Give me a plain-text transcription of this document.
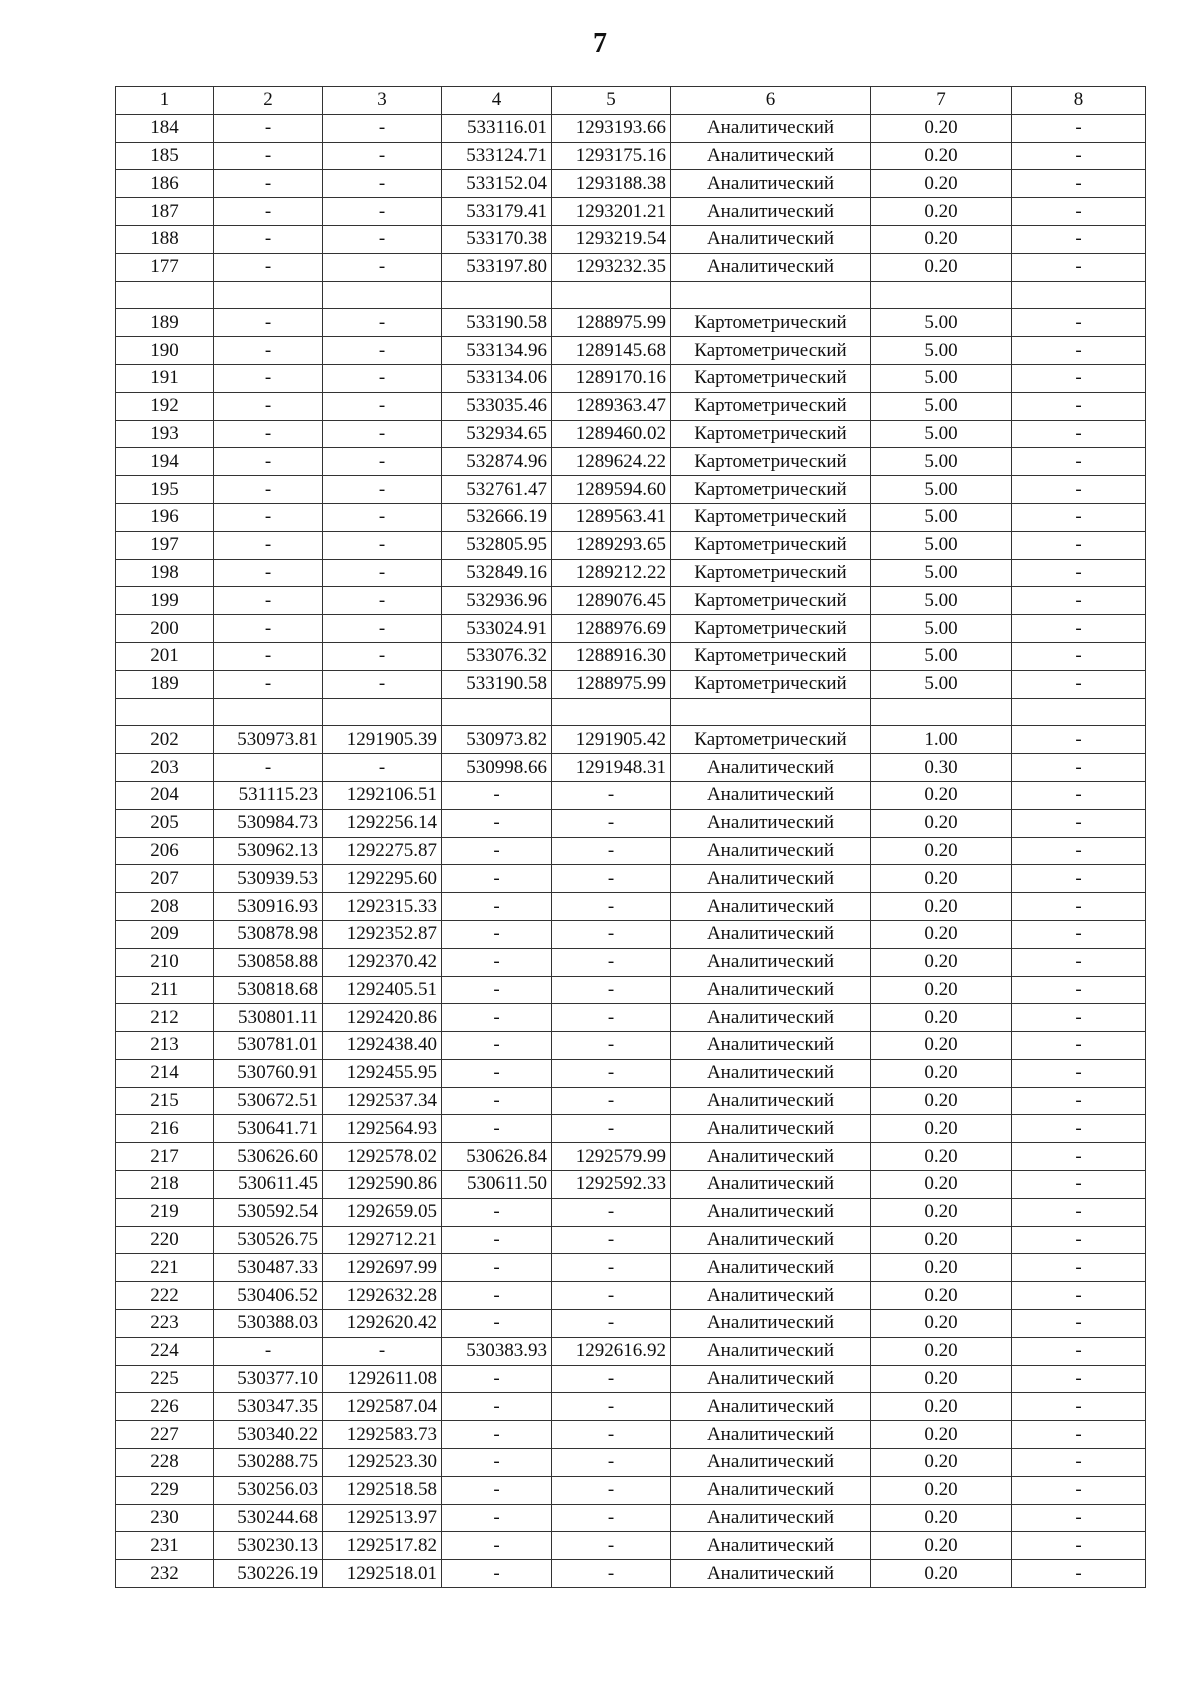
7
1	2	3	4	5	6	7	8
184	-	-	533116.01	1293193.66	Аналитический	0.20	-
185	-	-	533124.71	1293175.16	Аналитический	0.20	-
186	-	-	533152.04	1293188.38	Аналитический	0.20	-
187	-	-	533179.41	1293201.21	Аналитический	0.20	-
188	-	-	533170.38	1293219.54	Аналитический	0.20	-
177	-	-	533197.80	1293232.35	Аналитический	0.20	-

189	-	-	533190.58	1288975.99	Картометрический	5.00	-
190	-	-	533134.96	1289145.68	Картометрический	5.00	-
191	-	-	533134.06	1289170.16	Картометрический	5.00	-
192	-	-	533035.46	1289363.47	Картометрический	5.00	-
193	-	-	532934.65	1289460.02	Картометрический	5.00	-
194	-	-	532874.96	1289624.22	Картометрический	5.00	-
195	-	-	532761.47	1289594.60	Картометрический	5.00	-
196	-	-	532666.19	1289563.41	Картометрический	5.00	-
197	-	-	532805.95	1289293.65	Картометрический	5.00	-
198	-	-	532849.16	1289212.22	Картометрический	5.00	-
199	-	-	532936.96	1289076.45	Картометрический	5.00	-
200	-	-	533024.91	1288976.69	Картометрический	5.00	-
201	-	-	533076.32	1288916.30	Картометрический	5.00	-
189	-	-	533190.58	1288975.99	Картометрический	5.00	-

202	530973.81	1291905.39	530973.82	1291905.42	Картометрический	1.00	-
203	-	-	530998.66	1291948.31	Аналитический	0.30	-
204	531115.23	1292106.51	-	-	Аналитический	0.20	-
205	530984.73	1292256.14	-	-	Аналитический	0.20	-
206	530962.13	1292275.87	-	-	Аналитический	0.20	-
207	530939.53	1292295.60	-	-	Аналитический	0.20	-
208	530916.93	1292315.33	-	-	Аналитический	0.20	-
209	530878.98	1292352.87	-	-	Аналитический	0.20	-
210	530858.88	1292370.42	-	-	Аналитический	0.20	-
211	530818.68	1292405.51	-	-	Аналитический	0.20	-
212	530801.11	1292420.86	-	-	Аналитический	0.20	-
213	530781.01	1292438.40	-	-	Аналитический	0.20	-
214	530760.91	1292455.95	-	-	Аналитический	0.20	-
215	530672.51	1292537.34	-	-	Аналитический	0.20	-
216	530641.71	1292564.93	-	-	Аналитический	0.20	-
217	530626.60	1292578.02	530626.84	1292579.99	Аналитический	0.20	-
218	530611.45	1292590.86	530611.50	1292592.33	Аналитический	0.20	-
219	530592.54	1292659.05	-	-	Аналитический	0.20	-
220	530526.75	1292712.21	-	-	Аналитический	0.20	-
221	530487.33	1292697.99	-	-	Аналитический	0.20	-
222	530406.52	1292632.28	-	-	Аналитический	0.20	-
223	530388.03	1292620.42	-	-	Аналитический	0.20	-
224	-	-	530383.93	1292616.92	Аналитический	0.20	-
225	530377.10	1292611.08	-	-	Аналитический	0.20	-
226	530347.35	1292587.04	-	-	Аналитический	0.20	-
227	530340.22	1292583.73	-	-	Аналитический	0.20	-
228	530288.75	1292523.30	-	-	Аналитический	0.20	-
229	530256.03	1292518.58	-	-	Аналитический	0.20	-
230	530244.68	1292513.97	-	-	Аналитический	0.20	-
231	530230.13	1292517.82	-	-	Аналитический	0.20	-
232	530226.19	1292518.01	-	-	Аналитический	0.20	-
